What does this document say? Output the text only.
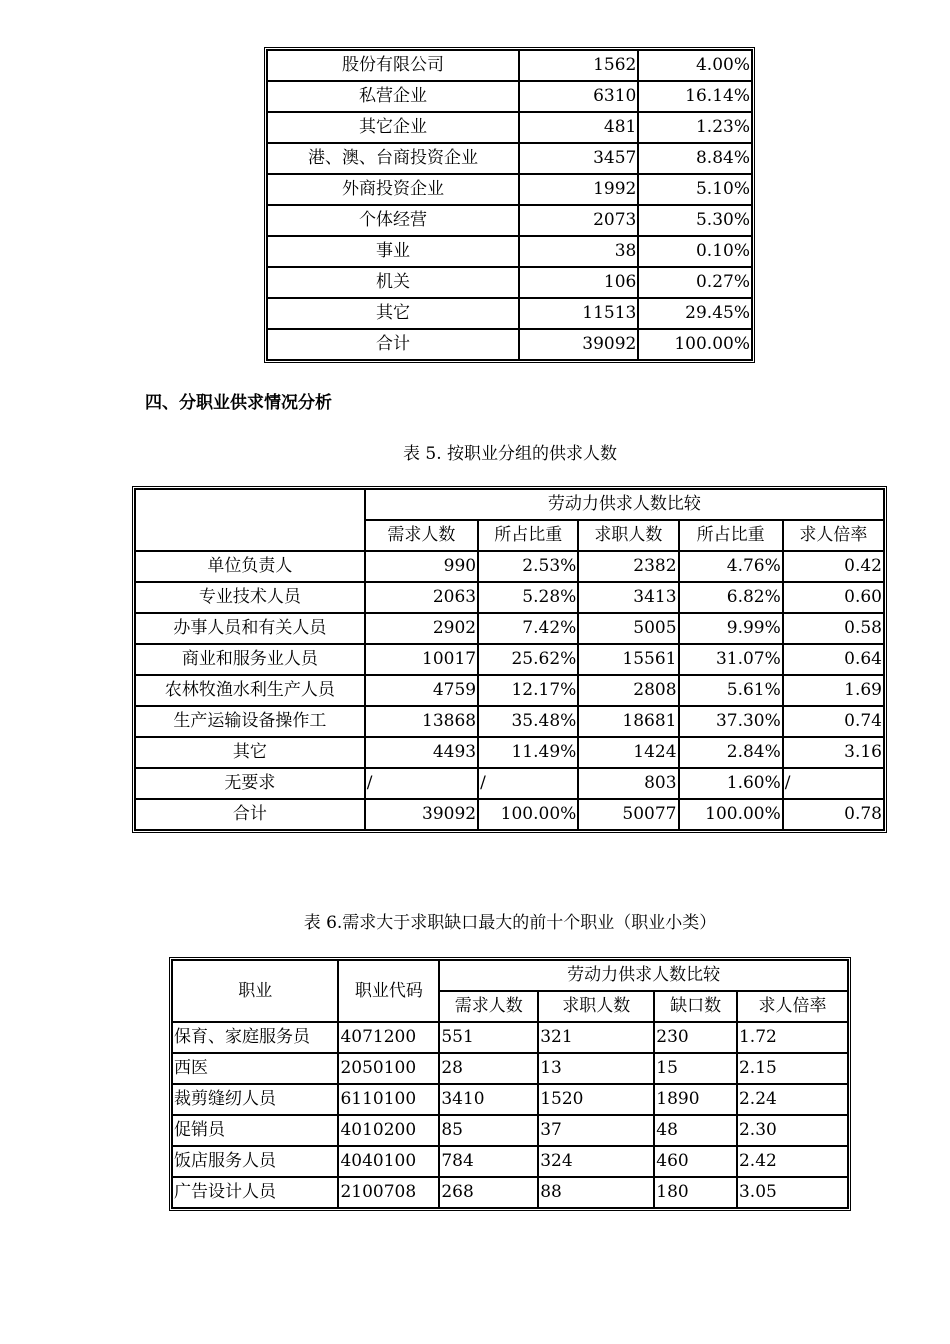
股份有限公司	1562	4.00%
私营企业	6310	16.14%
其它企业	481	1.23%
港、澳、台商投资企业	3457	8.84%
外商投资企业	1992	5.10%
个体经营	2073	5.30%
事业	38	0.10%
机关	106	0.27%
其它	11513	29.45%
合计	39092	100.00%
四、分职业供求情况分析
表 5. 按职业分组的供求人数
	劳动力供求人数比较				
	需求人数	所占比重	求职人数	所占比重	求人倍率
单位负责人	990	2.53%	2382	4.76%	0.42
专业技术人员	2063	5.28%	3413	6.82%	0.60
办事人员和有关人员	2902	7.42%	5005	9.99%	0.58
商业和服务业人员	10017	25.62%	15561	31.07%	0.64
农林牧渔水利生产人员	4759	12.17%	2808	5.61%	1.69
生产运输设备操作工	13868	35.48%	18681	37.30%	0.74
其它	4493	11.49%	1424	2.84%	3.16
无要求	/	/	803	1.60%	/
合计	39092	100.00%	50077	100.00%	0.78
表 6.需求大于求职缺口最大的前十个职业（职业小类）
职业	职业代码	劳动力供求人数比较			
		需求人数	求职人数	缺口数	求人倍率
保育、家庭服务员	4071200	551	321	230	1.72
西医	2050100	28	13	15	2.15
裁剪缝纫人员	6110100	3410	1520	1890	2.24
促销员	4010200	85	37	48	2.30
饭店服务人员	4040100	784	324	460	2.42
广告设计人员	2100708	268	88	180	3.05
